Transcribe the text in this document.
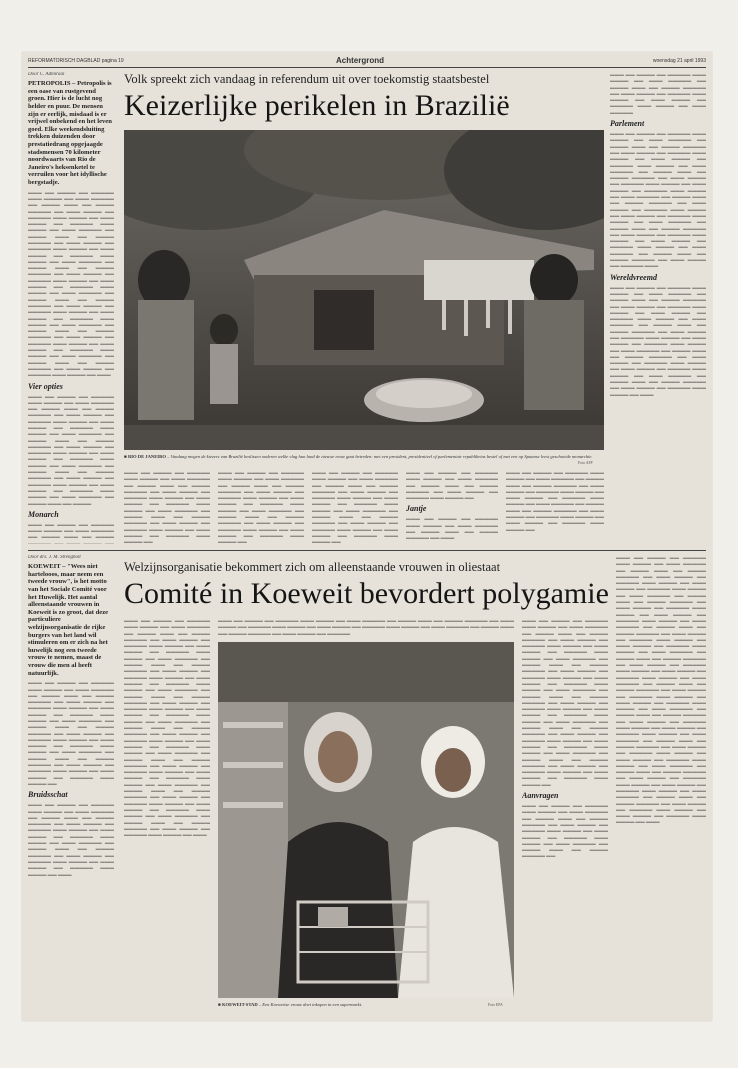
REFORMATORISCH DAGBLAD pagina 19	Achtergrond	woensdag 21 april 1993
Door C. Admiraal
PETROPOLIS – Petropolis is een oase van rustgevend groen. Hier is de lucht nog helder en puur. De mensen zijn er eerlijk, misdaad is er vrijwel onbekend en het leven goed. Elke weekendsluiting trekken duizenden door prestatiedrang opgejaagde stadsmensen 70 kilometer noordwaarts van Rio de Janeiro's heksenketel te verruilen voor het idyllische bergstadje.

▬▬▬ ▬▬ ▬▬▬▬ ▬▬ ▬▬▬▬▬ ▬▬▬ ▬▬▬▬ ▬▬ ▬▬▬ ▬▬▬▬▬ ▬▬ ▬▬▬▬ ▬▬▬ ▬▬ ▬▬▬▬ ▬▬▬▬▬ ▬▬ ▬▬▬ ▬▬▬▬ ▬▬ ▬▬▬▬▬ ▬▬▬ ▬▬▬▬ ▬▬ ▬▬▬ ▬▬▬▬ ▬▬ ▬▬▬▬▬ ▬▬▬ ▬▬▬▬ ▬▬ ▬▬▬ ▬▬▬▬▬ ▬▬ ▬▬▬▬ ▬▬▬ ▬▬ ▬▬▬▬ ▬▬▬▬▬ ▬▬ ▬▬▬ ▬▬▬▬ ▬▬ ▬▬▬▬▬ ▬▬▬ ▬▬▬▬ ▬▬ ▬▬▬ ▬▬▬▬ ▬▬ ▬▬▬▬▬ ▬▬▬ ▬▬▬▬ ▬▬ ▬▬▬ ▬▬▬▬▬ ▬▬ ▬▬▬▬ ▬▬▬ ▬▬ ▬▬▬▬ ▬▬▬▬▬ ▬▬ ▬▬▬ ▬▬▬▬ ▬▬ ▬▬▬▬▬ ▬▬▬ ▬▬▬▬ ▬▬ ▬▬▬ ▬▬▬▬ ▬▬ ▬▬▬▬▬ ▬▬▬ ▬▬▬▬ ▬▬ ▬▬▬ ▬▬▬▬▬ ▬▬ ▬▬▬▬ ▬▬▬ ▬▬ ▬▬▬▬ ▬▬▬▬▬ ▬▬ ▬▬▬ ▬▬▬▬ ▬▬ ▬▬▬▬▬ ▬▬▬ ▬▬▬▬ ▬▬ ▬▬▬ ▬▬▬▬ ▬▬ ▬▬▬▬▬ ▬▬▬ ▬▬▬▬ ▬▬ ▬▬▬ ▬▬▬▬▬ ▬▬ ▬▬▬▬ ▬▬▬ ▬▬ ▬▬▬▬ ▬▬▬▬▬ ▬▬ ▬▬▬ ▬▬▬▬ ▬▬ ▬▬▬▬▬ ▬▬▬ ▬▬▬▬ ▬▬ ▬▬▬ ▬▬▬▬ ▬▬ ▬▬▬▬▬ ▬▬▬ ▬▬▬▬ ▬▬ ▬▬▬ ▬▬▬▬▬ ▬▬ ▬▬▬▬ ▬▬▬ ▬▬ ▬▬▬▬ ▬▬▬▬▬ ▬▬ ▬▬▬ ▬▬▬▬ ▬▬ ▬▬▬▬▬ ▬▬▬ ▬▬▬▬ ▬▬ ▬▬▬

Vier opties

▬▬▬ ▬▬ ▬▬▬▬ ▬▬ ▬▬▬▬▬ ▬▬▬ ▬▬▬▬ ▬▬ ▬▬▬ ▬▬▬▬▬ ▬▬ ▬▬▬▬ ▬▬▬ ▬▬ ▬▬▬▬ ▬▬▬▬▬ ▬▬ ▬▬▬ ▬▬▬▬ ▬▬ ▬▬▬▬▬ ▬▬▬ ▬▬▬▬ ▬▬ ▬▬▬ ▬▬▬▬ ▬▬ ▬▬▬▬▬ ▬▬▬ ▬▬▬▬ ▬▬ ▬▬▬ ▬▬▬▬▬ ▬▬ ▬▬▬▬ ▬▬▬ ▬▬ ▬▬▬▬ ▬▬▬▬▬ ▬▬ ▬▬▬ ▬▬▬▬ ▬▬ ▬▬▬▬▬ ▬▬▬ ▬▬▬▬ ▬▬ ▬▬▬ ▬▬▬▬ ▬▬ ▬▬▬▬▬ ▬▬▬ ▬▬▬▬ ▬▬ ▬▬▬ ▬▬▬▬▬ ▬▬ ▬▬▬▬ ▬▬▬ ▬▬ ▬▬▬▬ ▬▬▬▬▬ ▬▬ ▬▬▬ ▬▬▬▬ ▬▬ ▬▬▬▬▬ ▬▬▬ ▬▬▬▬ ▬▬ ▬▬▬ ▬▬▬▬ ▬▬ ▬▬▬▬▬ ▬▬▬ ▬▬▬▬ ▬▬ ▬▬▬ ▬▬▬▬▬ ▬▬ ▬▬▬▬ ▬▬▬ ▬▬ ▬▬▬▬

Monarch

▬▬▬ ▬▬ ▬▬▬▬ ▬▬ ▬▬▬▬▬ ▬▬▬ ▬▬▬▬ ▬▬ ▬▬▬ ▬▬▬▬▬ ▬▬ ▬▬▬▬ ▬▬▬ ▬▬ ▬▬▬▬ ▬▬▬▬▬ ▬▬ ▬▬▬ ▬▬▬▬ ▬▬

Volk spreekt zich vandaag in referendum uit over toekomstig staatsbestel
Keizerlijke perikelen in Brazilië

▬▬▬ ▬▬ ▬▬▬▬ ▬▬ ▬▬▬▬▬ ▬▬▬ ▬▬▬▬ ▬▬ ▬▬▬ ▬▬▬▬▬ ▬▬ ▬▬▬▬ ▬▬▬ ▬▬ ▬▬▬▬ ▬▬▬▬▬ ▬▬ ▬▬▬ ▬▬▬▬ ▬▬ ▬▬▬▬▬ ▬▬▬ ▬▬▬▬ ▬▬ ▬▬▬ ▬▬▬▬ ▬▬ ▬▬▬▬▬ ▬▬▬ ▬▬▬▬ ▬▬ ▬▬▬ ▬▬▬▬▬

Parlement

▬▬▬ ▬▬ ▬▬▬▬ ▬▬ ▬▬▬▬▬ ▬▬▬ ▬▬▬▬ ▬▬ ▬▬▬ ▬▬▬▬▬ ▬▬ ▬▬▬▬ ▬▬▬ ▬▬ ▬▬▬▬ ▬▬▬▬▬ ▬▬ ▬▬▬ ▬▬▬▬ ▬▬ ▬▬▬▬▬ ▬▬▬ ▬▬▬▬ ▬▬ ▬▬▬ ▬▬▬▬ ▬▬ ▬▬▬▬▬ ▬▬▬ ▬▬▬▬ ▬▬ ▬▬▬ ▬▬▬▬▬ ▬▬ ▬▬▬▬ ▬▬▬ ▬▬ ▬▬▬▬ ▬▬▬▬▬ ▬▬ ▬▬▬ ▬▬▬▬ ▬▬ ▬▬▬▬▬ ▬▬▬ ▬▬▬▬ ▬▬ ▬▬▬ ▬▬▬▬ ▬▬ ▬▬▬▬▬ ▬▬▬ ▬▬▬▬ ▬▬ ▬▬▬ ▬▬▬▬▬ ▬▬ ▬▬▬▬ ▬▬▬ ▬▬ ▬▬▬▬ ▬▬▬▬▬ ▬▬ ▬▬▬ ▬▬▬▬ ▬▬ ▬▬▬▬▬ ▬▬▬ ▬▬▬▬ ▬▬ ▬▬▬ ▬▬▬▬ ▬▬ ▬▬▬▬▬ ▬▬▬ ▬▬▬▬ ▬▬ ▬▬▬ ▬▬▬▬▬ ▬▬ ▬▬▬▬ ▬▬▬ ▬▬ ▬▬▬▬ ▬▬▬▬▬ ▬▬ ▬▬▬ ▬▬▬▬ ▬▬ ▬▬▬▬▬ ▬▬▬ ▬▬▬▬ ▬▬ ▬▬▬ ▬▬▬▬ ▬▬ ▬▬▬▬▬ ▬▬▬ ▬▬▬▬ ▬▬ ▬▬▬ ▬▬▬▬▬ ▬▬ ▬▬▬▬ ▬▬▬ ▬▬ ▬▬▬▬ ▬▬▬▬▬ ▬▬ ▬▬▬ ▬▬▬▬ ▬▬ ▬▬▬▬▬ ▬▬▬

Wereldvreemd

▬▬▬ ▬▬ ▬▬▬▬ ▬▬ ▬▬▬▬▬ ▬▬▬ ▬▬▬▬ ▬▬ ▬▬▬ ▬▬▬▬▬ ▬▬ ▬▬▬▬ ▬▬▬ ▬▬ ▬▬▬▬ ▬▬▬▬▬ ▬▬ ▬▬▬ ▬▬▬▬ ▬▬ ▬▬▬▬▬ ▬▬▬ ▬▬▬▬ ▬▬ ▬▬▬ ▬▬▬▬ ▬▬ ▬▬▬▬▬ ▬▬▬ ▬▬▬▬ ▬▬ ▬▬▬ ▬▬▬▬▬ ▬▬ ▬▬▬▬ ▬▬▬ ▬▬ ▬▬▬▬ ▬▬▬▬▬ ▬▬ ▬▬▬ ▬▬▬▬ ▬▬ ▬▬▬▬▬ ▬▬▬ ▬▬▬▬ ▬▬ ▬▬▬ ▬▬▬▬ ▬▬ ▬▬▬▬▬ ▬▬▬ ▬▬▬▬ ▬▬ ▬▬▬ ▬▬▬▬▬ ▬▬ ▬▬▬▬ ▬▬▬ ▬▬ ▬▬▬▬ ▬▬▬▬▬ ▬▬ ▬▬▬ ▬▬▬▬ ▬▬ ▬▬▬▬▬ ▬▬▬ ▬▬▬▬ ▬▬ ▬▬▬ ▬▬▬▬ ▬▬ ▬▬▬▬▬ ▬▬▬ ▬▬▬▬ ▬▬ ▬▬▬ ▬▬▬▬▬ ▬▬ ▬▬▬▬ ▬▬▬ ▬▬ ▬▬▬▬ ▬▬▬▬▬ ▬▬ ▬▬▬ ▬▬▬▬ ▬▬ ▬▬▬▬▬ ▬▬▬ ▬▬▬▬ ▬▬ ▬▬▬

■ RIO DE JANEIRO – Vandaag mogen de kiezers van Brazilië beslissen onderen welke vlag hun land de nieuwe eeuw gaat betreden: met een president, presidentieel of parlementair republikeins bestel of met een op Spaanse leest geschoeide monarchie.
Foto AFP

▬▬▬ ▬▬ ▬▬▬▬ ▬▬ ▬▬▬▬▬ ▬▬▬ ▬▬▬▬ ▬▬ ▬▬▬ ▬▬▬▬▬ ▬▬ ▬▬▬▬ ▬▬▬ ▬▬ ▬▬▬▬ ▬▬▬▬▬ ▬▬ ▬▬▬ ▬▬▬▬ ▬▬ ▬▬▬▬▬ ▬▬▬ ▬▬▬▬ ▬▬ ▬▬▬ ▬▬▬▬ ▬▬ ▬▬▬▬▬ ▬▬▬ ▬▬▬▬ ▬▬ ▬▬▬ ▬▬▬▬▬ ▬▬ ▬▬▬▬ ▬▬▬ ▬▬ ▬▬▬▬ ▬▬▬▬▬ ▬▬ ▬▬▬ ▬▬▬▬ ▬▬ ▬▬▬▬▬ ▬▬▬ ▬▬▬▬ ▬▬ ▬▬▬ ▬▬▬▬ ▬▬ ▬▬▬▬▬ ▬▬▬ ▬▬▬▬ ▬▬

▬▬▬ ▬▬ ▬▬▬▬ ▬▬ ▬▬▬▬▬ ▬▬▬ ▬▬▬▬ ▬▬ ▬▬▬ ▬▬▬▬▬ ▬▬ ▬▬▬▬ ▬▬▬ ▬▬ ▬▬▬▬ ▬▬▬▬▬ ▬▬ ▬▬▬ ▬▬▬▬ ▬▬ ▬▬▬▬▬ ▬▬▬ ▬▬▬▬ ▬▬ ▬▬▬ ▬▬▬▬ ▬▬ ▬▬▬▬▬ ▬▬▬ ▬▬▬▬ ▬▬ ▬▬▬ ▬▬▬▬▬ ▬▬ ▬▬▬▬ ▬▬▬ ▬▬ ▬▬▬▬ ▬▬▬▬▬ ▬▬ ▬▬▬ ▬▬▬▬ ▬▬ ▬▬▬▬▬ ▬▬▬ ▬▬▬▬ ▬▬ ▬▬▬ ▬▬▬▬ ▬▬ ▬▬▬▬▬ ▬▬▬ ▬▬▬▬ ▬▬

▬▬▬ ▬▬ ▬▬▬▬ ▬▬ ▬▬▬▬▬ ▬▬▬ ▬▬▬▬ ▬▬ ▬▬▬ ▬▬▬▬▬ ▬▬ ▬▬▬▬ ▬▬▬ ▬▬ ▬▬▬▬ ▬▬▬▬▬ ▬▬ ▬▬▬ ▬▬▬▬ ▬▬ ▬▬▬▬▬ ▬▬▬ ▬▬▬▬ ▬▬ ▬▬▬ ▬▬▬▬ ▬▬ ▬▬▬▬▬ ▬▬▬ ▬▬▬▬ ▬▬ ▬▬▬ ▬▬▬▬▬ ▬▬ ▬▬▬▬ ▬▬▬ ▬▬ ▬▬▬▬ ▬▬▬▬▬ ▬▬ ▬▬▬ ▬▬▬▬ ▬▬ ▬▬▬▬▬ ▬▬▬ ▬▬▬▬ ▬▬ ▬▬▬ ▬▬▬▬ ▬▬ ▬▬▬▬▬ ▬▬▬ ▬▬▬▬ ▬▬

▬▬▬ ▬▬ ▬▬▬▬ ▬▬ ▬▬▬▬▬ ▬▬▬ ▬▬▬▬ ▬▬ ▬▬▬ ▬▬▬▬▬ ▬▬ ▬▬▬▬ ▬▬▬ ▬▬ ▬▬▬▬ ▬▬▬▬▬ ▬▬ ▬▬▬ ▬▬▬▬ ▬▬ ▬▬▬▬▬ ▬▬▬ ▬▬▬▬ ▬▬

Jantje

▬▬▬ ▬▬ ▬▬▬▬ ▬▬ ▬▬▬▬▬ ▬▬▬ ▬▬▬▬ ▬▬ ▬▬▬ ▬▬▬▬▬ ▬▬ ▬▬▬▬ ▬▬▬ ▬▬ ▬▬▬▬ ▬▬▬▬▬ ▬▬ ▬▬▬

▬▬▬ ▬▬ ▬▬▬▬ ▬▬ ▬▬▬▬▬ ▬▬▬ ▬▬▬▬ ▬▬ ▬▬▬ ▬▬▬▬▬ ▬▬ ▬▬▬▬ ▬▬▬ ▬▬ ▬▬▬▬ ▬▬▬▬▬ ▬▬ ▬▬▬ ▬▬▬▬ ▬▬ ▬▬▬▬▬ ▬▬▬ ▬▬▬▬ ▬▬ ▬▬▬ ▬▬▬▬ ▬▬ ▬▬▬▬▬ ▬▬▬ ▬▬▬▬ ▬▬ ▬▬▬ ▬▬▬▬▬ ▬▬ ▬▬▬▬ ▬▬▬ ▬▬ ▬▬▬▬ ▬▬▬▬▬ ▬▬ ▬▬▬ ▬▬▬▬ ▬▬ ▬▬▬▬▬ ▬▬▬ ▬▬▬▬ ▬▬ ▬▬▬ ▬▬▬▬ ▬▬ ▬▬▬▬▬ ▬▬▬ ▬▬▬▬ ▬▬

Door drs. J. M. Strengholt
KOEWEIT – "Wees niet hartelooos, maar neem een tweede vrouw", is het motto van het Sociale Comité voor het Huwelijk. Het aantal alleenstaande vrouwen in Koeweit is zo groot, dat deze particuliere welzijnsorganisatie de rijke burgers van het land wil stimuleren om er zich na het huwelijk nog een tweede vrouw te nemen, maast de vrouw die men al heeft natuurlijk.

▬▬▬ ▬▬ ▬▬▬▬ ▬▬ ▬▬▬▬▬ ▬▬▬ ▬▬▬▬ ▬▬ ▬▬▬ ▬▬▬▬▬ ▬▬ ▬▬▬▬ ▬▬▬ ▬▬ ▬▬▬▬ ▬▬▬▬▬ ▬▬ ▬▬▬ ▬▬▬▬ ▬▬ ▬▬▬▬▬ ▬▬▬ ▬▬▬▬ ▬▬ ▬▬▬ ▬▬▬▬ ▬▬ ▬▬▬▬▬ ▬▬▬ ▬▬▬▬ ▬▬ ▬▬▬ ▬▬▬▬▬ ▬▬ ▬▬▬▬ ▬▬▬ ▬▬ ▬▬▬▬ ▬▬▬▬▬ ▬▬ ▬▬▬ ▬▬▬▬ ▬▬ ▬▬▬▬▬ ▬▬▬ ▬▬▬▬ ▬▬ ▬▬▬ ▬▬▬▬ ▬▬ ▬▬▬▬▬ ▬▬▬ ▬▬▬▬ ▬▬ ▬▬▬ ▬▬▬▬▬ ▬▬ ▬▬▬▬ ▬▬▬ ▬▬ ▬▬▬▬ ▬▬▬▬▬ ▬▬ ▬▬▬ ▬▬▬▬ ▬▬ ▬▬▬▬▬ ▬▬▬ ▬▬▬▬ ▬▬ ▬▬▬ ▬▬▬▬ ▬▬ ▬▬▬▬▬ ▬▬▬ ▬▬▬▬ ▬▬

Bruidsschat

▬▬▬ ▬▬ ▬▬▬▬ ▬▬ ▬▬▬▬▬ ▬▬▬ ▬▬▬▬ ▬▬ ▬▬▬ ▬▬▬▬▬ ▬▬ ▬▬▬▬ ▬▬▬ ▬▬ ▬▬▬▬ ▬▬▬▬▬ ▬▬ ▬▬▬ ▬▬▬▬ ▬▬ ▬▬▬▬▬ ▬▬▬ ▬▬▬▬ ▬▬ ▬▬▬ ▬▬▬▬ ▬▬ ▬▬▬▬▬ ▬▬▬ ▬▬▬▬ ▬▬ ▬▬▬ ▬▬▬▬▬ ▬▬ ▬▬▬▬ ▬▬▬ ▬▬ ▬▬▬▬ ▬▬▬▬▬ ▬▬ ▬▬▬ ▬▬▬▬ ▬▬ ▬▬▬▬▬ ▬▬▬ ▬▬▬▬ ▬▬ ▬▬▬ ▬▬▬▬ ▬▬ ▬▬▬▬▬ ▬▬▬ ▬▬▬▬ ▬▬ ▬▬▬

Welzijnsorganisatie bekommert zich om alleenstaande vrouwen in oliestaat
Comité in Koeweit bevordert polygamie

▬▬▬ ▬▬ ▬▬▬▬ ▬▬ ▬▬▬▬▬ ▬▬▬ ▬▬▬▬ ▬▬ ▬▬▬ ▬▬▬▬▬ ▬▬ ▬▬▬▬ ▬▬▬ ▬▬ ▬▬▬▬ ▬▬▬▬▬ ▬▬ ▬▬▬ ▬▬▬▬ ▬▬ ▬▬▬▬▬ ▬▬▬ ▬▬▬▬ ▬▬ ▬▬▬ ▬▬▬▬ ▬▬ ▬▬▬▬▬ ▬▬▬ ▬▬▬▬ ▬▬ ▬▬▬ ▬▬▬▬▬ ▬▬ ▬▬▬▬ ▬▬▬ ▬▬ ▬▬▬▬ ▬▬▬▬▬ ▬▬ ▬▬▬ ▬▬▬▬ ▬▬ ▬▬▬▬▬ ▬▬▬ ▬▬▬▬ ▬▬ ▬▬▬ ▬▬▬▬ ▬▬ ▬▬▬▬▬ ▬▬▬ ▬▬▬▬ ▬▬ ▬▬▬ ▬▬▬▬▬ ▬▬ ▬▬▬▬ ▬▬▬ ▬▬ ▬▬▬▬ ▬▬▬▬▬ ▬▬ ▬▬▬ ▬▬▬▬ ▬▬ ▬▬▬▬▬ ▬▬▬ ▬▬▬▬ ▬▬ ▬▬▬ ▬▬▬▬ ▬▬ ▬▬▬▬▬ ▬▬▬ ▬▬▬▬ ▬▬ ▬▬▬ ▬▬▬▬▬ ▬▬ ▬▬▬▬ ▬▬▬ ▬▬ ▬▬▬▬ ▬▬▬▬▬ ▬▬ ▬▬▬ ▬▬▬▬ ▬▬ ▬▬▬▬▬ ▬▬▬ ▬▬▬▬ ▬▬ ▬▬▬ ▬▬▬▬ ▬▬ ▬▬▬▬▬ ▬▬▬ ▬▬▬▬ ▬▬ ▬▬▬ ▬▬▬▬▬ ▬▬ ▬▬▬▬ ▬▬▬ ▬▬ ▬▬▬▬ ▬▬▬▬▬ ▬▬ ▬▬▬ ▬▬▬▬ ▬▬ ▬▬▬▬▬ ▬▬▬ ▬▬▬▬ ▬▬ ▬▬▬ ▬▬▬▬ ▬▬ ▬▬▬▬▬ ▬▬▬ ▬▬▬▬ ▬▬ ▬▬▬ ▬▬▬▬▬ ▬▬ ▬▬▬▬ ▬▬▬ ▬▬ ▬▬▬▬ ▬▬▬▬▬ ▬▬ ▬▬▬ ▬▬▬▬ ▬▬ ▬▬▬▬▬ ▬▬▬ ▬▬▬▬ ▬▬ ▬▬▬ ▬▬▬▬ ▬▬ ▬▬▬▬▬ ▬▬▬ ▬▬▬▬ ▬▬ ▬▬▬ ▬▬▬▬▬ ▬▬ ▬▬▬▬ ▬▬▬ ▬▬ ▬▬▬▬ ▬▬▬▬▬ ▬▬ ▬▬▬ ▬▬▬▬ ▬▬ ▬▬▬▬▬ ▬▬▬ ▬▬▬▬ ▬▬ ▬▬▬

■ KOEWEIT-STAD – Een Koeweitse vrouw doet inkopen in een supermarkt.	Foto EPA

▬▬▬ ▬▬ ▬▬▬▬ ▬▬ ▬▬▬▬▬ ▬▬▬ ▬▬▬▬ ▬▬ ▬▬▬ ▬▬▬▬▬ ▬▬ ▬▬▬▬ ▬▬▬ ▬▬ ▬▬▬▬ ▬▬▬▬▬ ▬▬ ▬▬▬ ▬▬▬▬ ▬▬ ▬▬▬▬▬ ▬▬▬ ▬▬▬▬ ▬▬ ▬▬▬ ▬▬▬▬ ▬▬ ▬▬▬▬▬ ▬▬▬ ▬▬▬▬ ▬▬ ▬▬▬ ▬▬▬▬▬ ▬▬ ▬▬▬▬ ▬▬▬ ▬▬ ▬▬▬▬ ▬▬▬▬▬ ▬▬ ▬▬▬ ▬▬▬▬ ▬▬ ▬▬▬▬▬

▬▬▬ ▬▬ ▬▬▬▬ ▬▬ ▬▬▬▬▬ ▬▬▬ ▬▬▬▬ ▬▬ ▬▬▬ ▬▬▬▬▬ ▬▬ ▬▬▬▬ ▬▬▬ ▬▬ ▬▬▬▬ ▬▬▬▬▬ ▬▬ ▬▬▬ ▬▬▬▬ ▬▬ ▬▬▬▬▬ ▬▬▬ ▬▬▬▬ ▬▬ ▬▬▬ ▬▬▬▬ ▬▬ ▬▬▬▬▬ ▬▬▬ ▬▬▬▬ ▬▬ ▬▬▬ ▬▬▬▬▬ ▬▬ ▬▬▬▬ ▬▬▬ ▬▬ ▬▬▬▬ ▬▬▬▬▬ ▬▬ ▬▬▬ ▬▬▬▬ ▬▬ ▬▬▬▬▬ ▬▬▬ ▬▬▬▬ ▬▬ ▬▬▬ ▬▬▬▬ ▬▬ ▬▬▬▬▬ ▬▬▬ ▬▬▬▬ ▬▬ ▬▬▬ ▬▬▬▬▬ ▬▬ ▬▬▬▬ ▬▬▬ ▬▬ ▬▬▬▬ ▬▬▬▬▬ ▬▬ ▬▬▬ ▬▬▬▬ ▬▬ ▬▬▬▬▬ ▬▬▬ ▬▬▬▬ ▬▬ ▬▬▬ ▬▬▬▬ ▬▬ ▬▬▬▬▬ ▬▬▬ ▬▬▬▬ ▬▬ ▬▬▬ ▬▬▬▬▬ ▬▬ ▬▬▬▬ ▬▬▬ ▬▬ ▬▬▬▬ ▬▬▬▬▬ ▬▬ ▬▬▬ ▬▬▬▬ ▬▬ ▬▬▬▬▬ ▬▬▬ ▬▬▬▬ ▬▬ ▬▬▬ ▬▬▬▬ ▬▬ ▬▬▬▬▬ ▬▬▬ ▬▬▬▬ ▬▬ ▬▬▬ ▬▬▬▬▬ ▬▬ ▬▬▬▬ ▬▬▬ ▬▬ ▬▬▬▬ ▬▬▬▬▬ ▬▬ ▬▬▬ ▬▬▬▬ ▬▬ ▬▬▬▬▬ ▬▬▬ ▬▬▬▬ ▬▬ ▬▬▬ ▬▬▬▬ ▬▬ ▬▬▬▬▬ ▬▬▬ ▬▬▬▬ ▬▬

Aanvragen

▬▬▬ ▬▬ ▬▬▬▬ ▬▬ ▬▬▬▬▬ ▬▬▬ ▬▬▬▬ ▬▬ ▬▬▬ ▬▬▬▬▬ ▬▬ ▬▬▬▬ ▬▬▬ ▬▬ ▬▬▬▬ ▬▬▬▬▬ ▬▬ ▬▬▬ ▬▬▬▬ ▬▬ ▬▬▬▬▬ ▬▬▬ ▬▬▬▬ ▬▬ ▬▬▬ ▬▬▬▬ ▬▬ ▬▬▬▬▬ ▬▬▬ ▬▬▬▬ ▬▬ ▬▬▬ ▬▬▬▬▬ ▬▬ ▬▬▬▬ ▬▬▬ ▬▬ ▬▬▬▬ ▬▬▬▬▬ ▬▬

▬▬▬ ▬▬ ▬▬▬▬ ▬▬ ▬▬▬▬▬ ▬▬▬ ▬▬▬▬ ▬▬ ▬▬▬ ▬▬▬▬▬ ▬▬ ▬▬▬▬ ▬▬▬ ▬▬ ▬▬▬▬ ▬▬▬▬▬ ▬▬ ▬▬▬ ▬▬▬▬ ▬▬ ▬▬▬▬▬ ▬▬▬ ▬▬▬▬ ▬▬ ▬▬▬ ▬▬▬▬ ▬▬ ▬▬▬▬▬ ▬▬▬ ▬▬▬▬ ▬▬ ▬▬▬ ▬▬▬▬▬ ▬▬ ▬▬▬▬ ▬▬▬ ▬▬ ▬▬▬▬ ▬▬▬▬▬ ▬▬ ▬▬▬ ▬▬▬▬ ▬▬ ▬▬▬▬▬ ▬▬▬ ▬▬▬▬ ▬▬ ▬▬▬ ▬▬▬▬ ▬▬ ▬▬▬▬▬ ▬▬▬ ▬▬▬▬ ▬▬ ▬▬▬ ▬▬▬▬▬ ▬▬ ▬▬▬▬ ▬▬▬ ▬▬ ▬▬▬▬ ▬▬▬▬▬ ▬▬ ▬▬▬ ▬▬▬▬ ▬▬ ▬▬▬▬▬ ▬▬▬ ▬▬▬▬ ▬▬ ▬▬▬ ▬▬▬▬ ▬▬ ▬▬▬▬▬ ▬▬▬ ▬▬▬▬ ▬▬ ▬▬▬ ▬▬▬▬▬ ▬▬ ▬▬▬▬ ▬▬▬ ▬▬ ▬▬▬▬ ▬▬▬▬▬ ▬▬ ▬▬▬ ▬▬▬▬ ▬▬ ▬▬▬▬▬ ▬▬▬ ▬▬▬▬ ▬▬ ▬▬▬ ▬▬▬▬ ▬▬ ▬▬▬▬▬ ▬▬▬ ▬▬▬▬ ▬▬ ▬▬▬ ▬▬▬▬▬ ▬▬ ▬▬▬▬ ▬▬▬ ▬▬ ▬▬▬▬ ▬▬▬▬▬ ▬▬ ▬▬▬ ▬▬▬▬ ▬▬ ▬▬▬▬▬ ▬▬▬ ▬▬▬▬ ▬▬ ▬▬▬ ▬▬▬▬ ▬▬ ▬▬▬▬▬ ▬▬▬ ▬▬▬▬ ▬▬ ▬▬▬ ▬▬▬▬▬ ▬▬ ▬▬▬▬ ▬▬▬ ▬▬ ▬▬▬▬ ▬▬▬▬▬ ▬▬ ▬▬▬ ▬▬▬▬ ▬▬ ▬▬▬▬▬ ▬▬▬ ▬▬▬▬ ▬▬ ▬▬▬ ▬▬▬▬ ▬▬ ▬▬▬▬▬ ▬▬▬ ▬▬▬▬ ▬▬ ▬▬▬ ▬▬▬▬▬ ▬▬ ▬▬▬▬ ▬▬▬ ▬▬ ▬▬▬▬ ▬▬▬▬▬ ▬▬ ▬▬▬ ▬▬▬▬ ▬▬ ▬▬▬▬▬ ▬▬▬ ▬▬▬▬ ▬▬ ▬▬▬ ▬▬▬▬ ▬▬ ▬▬▬▬▬ ▬▬▬ ▬▬▬▬ ▬▬ ▬▬▬ ▬▬▬▬▬ ▬▬ ▬▬▬▬ ▬▬▬ ▬▬ ▬▬▬▬ ▬▬▬▬▬ ▬▬ ▬▬▬ ▬▬▬▬ ▬▬ ▬▬▬▬▬ ▬▬▬ ▬▬▬▬ ▬▬ ▬▬▬ ▬▬▬▬ ▬▬ ▬▬▬▬▬ ▬▬▬ ▬▬▬▬ ▬▬ ▬▬▬ ▬▬▬▬▬ ▬▬ ▬▬▬▬ ▬▬▬ ▬▬ ▬▬▬▬ ▬▬▬▬▬ ▬▬ ▬▬▬ ▬▬▬▬ ▬▬ ▬▬▬▬▬ ▬▬▬ ▬▬▬▬ ▬▬ ▬▬▬ ▬▬▬▬ ▬▬ ▬▬▬▬▬ ▬▬▬ ▬▬▬▬ ▬▬ ▬▬▬
